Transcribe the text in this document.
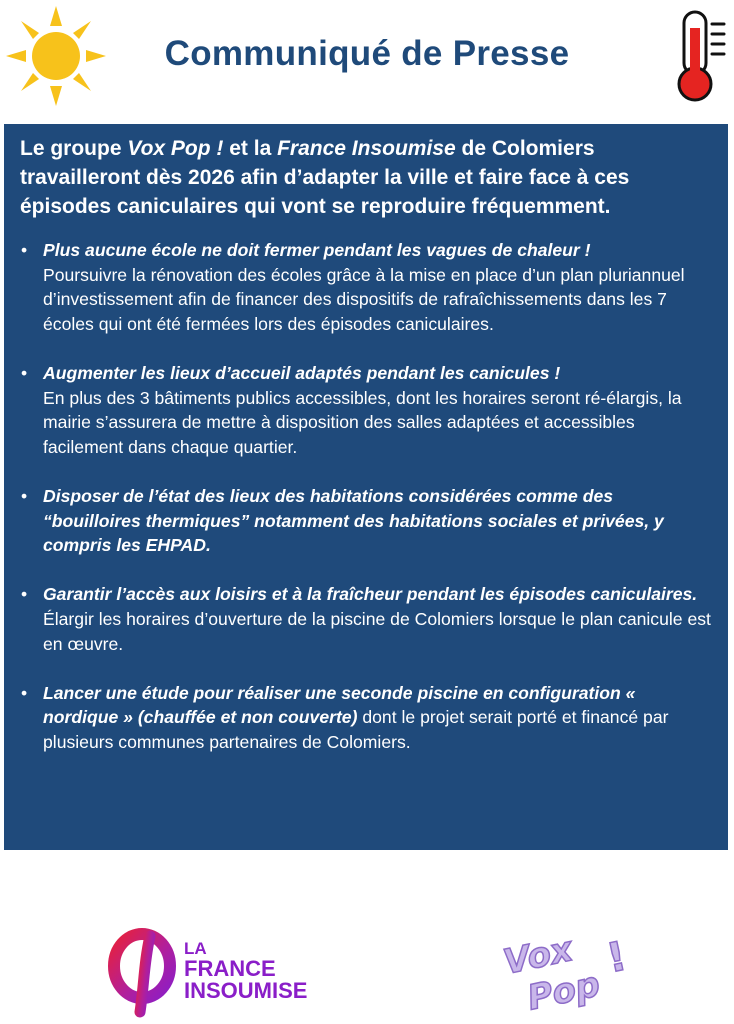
Communiqué de Presse

Le groupe Vox Pop ! et la France Insoumise de Colomiers travailleront dès 2026 afin d’adapter la ville et faire face à ces épisodes caniculaires qui vont se reproduire fréquemment.

• Plus aucune école ne doit fermer pendant les vagues de chaleur !
Poursuivre la rénovation des écoles grâce à la mise en place d’un plan pluriannuel d’investissement afin de financer des dispositifs de rafraîchissements dans les 7 écoles qui ont été fermées lors des épisodes caniculaires.
• Augmenter les lieux d’accueil adaptés pendant les canicules !
En plus des 3 bâtiments publics accessibles, dont les horaires seront ré-élargis, la mairie s’assurera de mettre à disposition des salles adaptées et accessibles facilement dans chaque quartier.
• Disposer de l’état des lieux des habitations considérées comme des “bouilloires thermiques” notamment des habitations sociales et privées, y compris les EHPAD.
• Garantir l’accès aux loisirs et à la fraîcheur pendant les épisodes caniculaires.
Élargir les horaires d’ouverture de la piscine de Colomiers lorsque le plan canicule est en œuvre.
• Lancer une étude pour réaliser une seconde piscine en configuration « nordique » (chauffée et non couverte) dont le projet serait porté et financé par plusieurs communes partenaires de Colomiers.
LA
FRANCE
INSOUMISE
Vox
Pop
!
